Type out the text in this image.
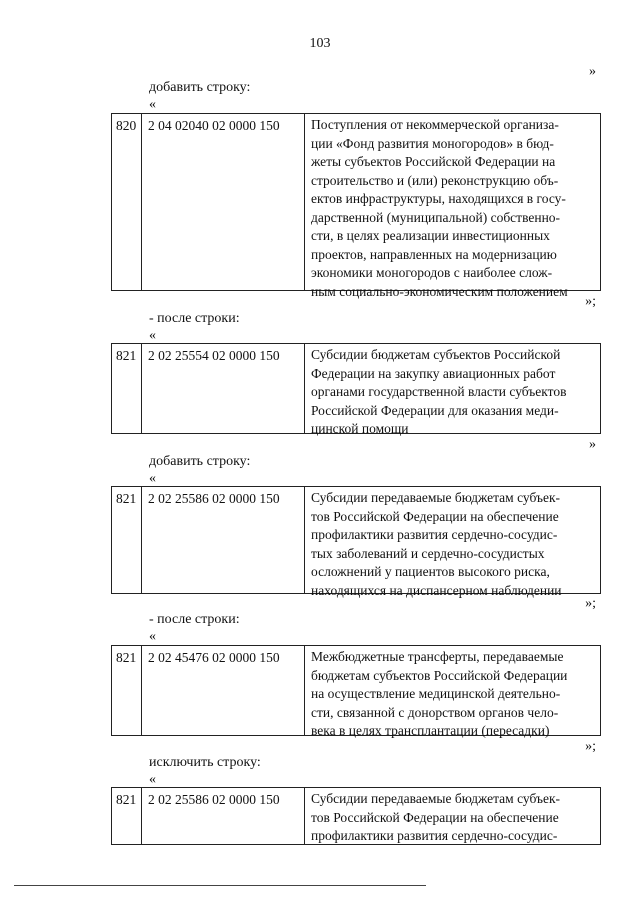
103
»
добавить строку:
«
820 2 04 02040 02 0000 150	Поступления от некоммерческой организа-
ции «Фонд развития моногородов» в бюд-
жеты субъектов Российской Федерации на
строительство и (или) реконструкцию объ-
ектов инфраструктуры, находящихся в госу-
дарственной (муниципальной) собственно-
сти, в целях реализации инвестиционных
проектов, направленных на модернизацию
экономики моногородов с наиболее слож-
ным социально-экономическим положением
»;
- после строки:
«
821 2 02 25554 02 0000 150	Субсидии бюджетам субъектов Российской
Федерации на закупку авиационных работ
органами государственной власти субъектов
Российской Федерации для оказания меди-
цинской помощи
»
добавить строку:
«
821 2 02 25586 02 0000 150	Субсидии передаваемые бюджетам субъек-
тов Российской Федерации на обеспечение
профилактики развития сердечно-сосудис-
тых заболеваний и сердечно-сосудистых
осложнений у пациентов высокого риска,
находящихся на диспансерном наблюдении
»;
- после строки:
«
821 2 02 45476 02 0000 150	Межбюджетные трансферты, передаваемые
бюджетам субъектов Российской Федерации
на осуществление медицинской деятельно-
сти, связанной с донорством органов чело-
века в целях трансплантации (пересадки)
»;
исключить строку:
«
821 2 02 25586 02 0000 150	Субсидии передаваемые бюджетам субъек-
тов Российской Федерации на обеспечение
профилактики развития сердечно-сосудис-
